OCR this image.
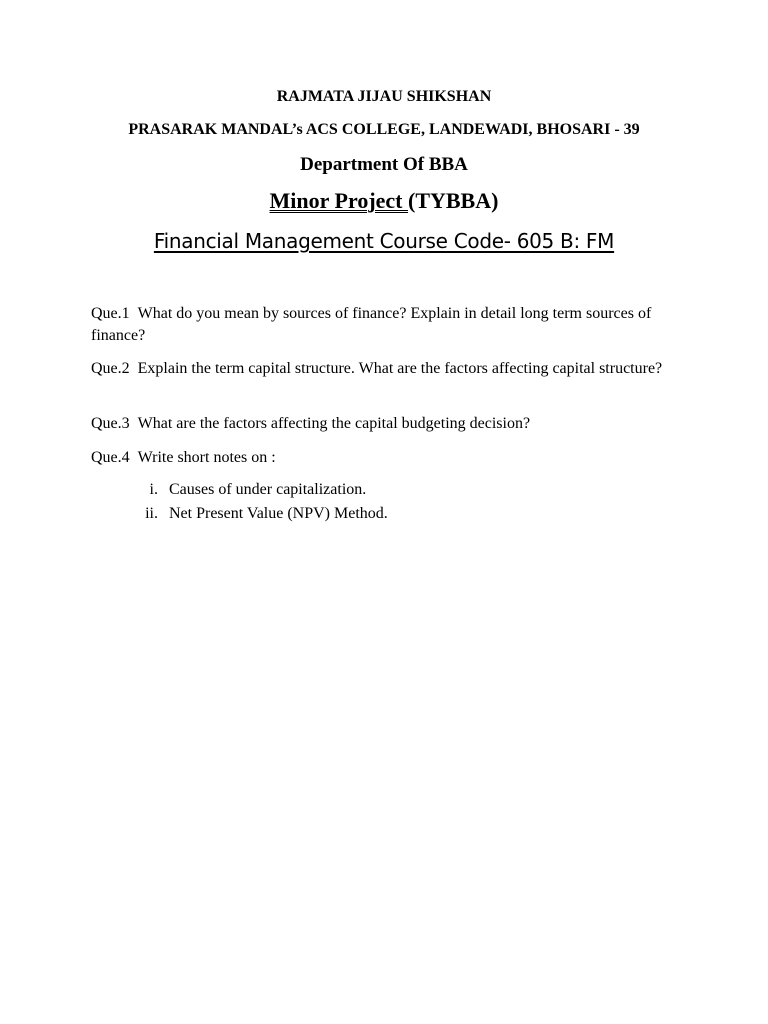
RAJMATA JIJAU SHIKSHAN
PRASARAK MANDAL’s ACS COLLEGE, LANDEWADI, BHOSARI - 39
Department Of BBA
Minor Project (TYBBA)
Financial Management Course Code- 605 B: FM
Que.1 What do you mean by sources of finance? Explain in detail long term sources of finance?
Que.2 Explain the term capital structure. What are the factors affecting capital structure?
Que.3 What are the factors affecting the capital budgeting decision?
Que.4 Write short notes on :
i. Causes of under capitalization.
ii. Net Present Value (NPV) Method.
